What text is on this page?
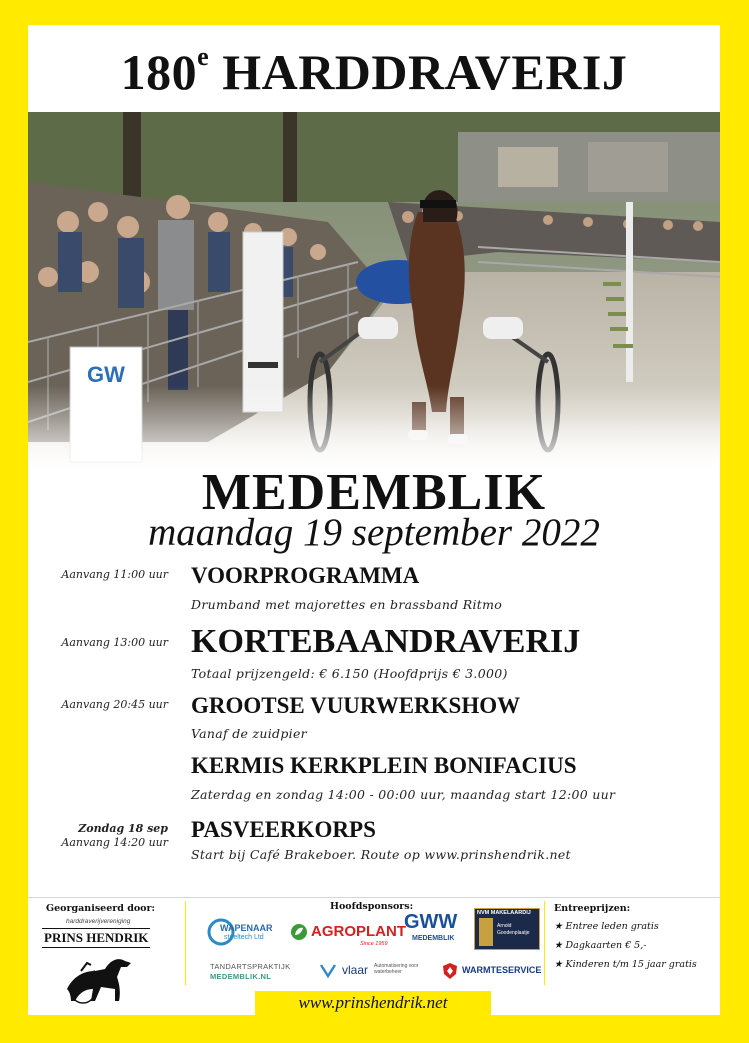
180e HARDDRAVERIJ
MEDEMBLIK
maandag 19 september 2022
Aanvang 11:00 uur VOORPROGRAMMA
Drumband met majorettes en brassband Ritmo
Aanvang 13:00 uur KORTEBAANDRAVERIJ
Totaal prijzengeld: € 6.150 (Hoofdprijs € 3.000)
Aanvang 20:45 uur GROOTSE VUURWERKSHOW
Vanaf de zuidpier
KERMIS KERKPLEIN BONIFACIUS
Zaterdag en zondag 14:00 - 00:00 uur, maandag start 12:00 uur
Zondag 18 sep
Aanvang 14:20 uur
PASVEERKORPS
Start bij Café Brakeboer. Route op www.prinshendrik.net
Georganiseerd door:
harddraverijvereniging
PRINS HENDRIK
Hoofdsponsors:
WAPENAAR
steeltech Ltd	AGROPLANT
Since 1959
GWW
MEDEMBLIK
NVM MAKELAARDIJ
Arnold Goodenplaatje
TANDARTSPRAKTIJK
MEDEMBLIK.NL	vlaar Automatisering voor waterbeheer	WARMTESERVICE
Entreeprijzen:
★ Entree leden gratis
★ Dagkaarten € 5,-
★ Kinderen t/m 15 jaar gratis
www.prinshendrik.net
